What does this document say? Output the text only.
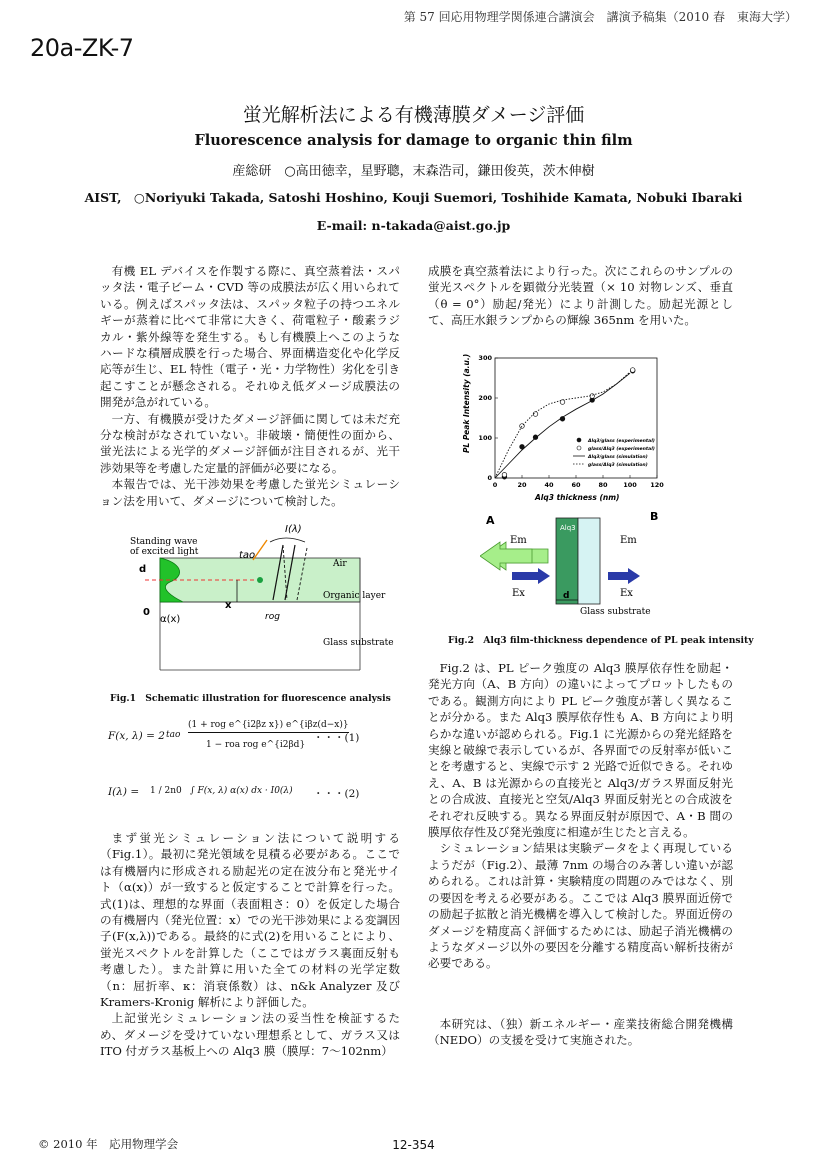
第 57 回応用物理学関係連合講演会　講演予稿集（2010 春　東海大学）
20a-ZK-7
蛍光解析法による有機薄膜ダメージ評価
Fluorescence analysis for damage to organic thin film
産総研　○高田徳幸，星野聰，末森浩司，鎌田俊英，茨木伸樹
AIST,　○Noriyuki Takada, Satoshi Hoshino, Kouji Suemori, Toshihide Kamata, Nobuki Ibaraki
E-mail: n-takada@aist.go.jp

有機 EL デバイスを作製する際に、真空蒸着法・スパッタ法・電子ビーム・CVD 等の成膜法が広く用いられている。例えばスパッタ法は、スパッタ粒子の持つエネルギーが蒸着に比べて非常に大きく、荷電粒子・酸素ラジカル・紫外線等を発生する。もし有機膜上へこのようなハードな積層成膜を行った場合、界面構造変化や化学反応等が生じ、EL 特性（電子・光・力学物性）劣化を引き起こすことが懸念される。それゆえ低ダメージ成膜法の開発が急がれている。

一方、有機膜が受けたダメージ評価に関しては未だ充分な検討がなされていない。非破壊・簡便性の面から、蛍光法による光学的ダメージ評価が注目されるが、光干渉効果等を考慮した定量的評価が必要になる。

本報告では、光干渉効果を考慮した蛍光シミュレーション法を用いて、ダメージについて検討した。

Standing wave
of excited light
Air
Organic layer
Glass substrate
d
0
x
α(x)
I(λ)
tao
rog
Fig.1　Schematic illustration for fluorescence analysis
F(x, λ) = 2 tao
(1 + rog e^{i2βz x}) e^{iβz(d−x)}
1 − roa rog e^{i2βd}
・・・(1)
I(λ) = 1 / 2n0 ∫ F(x, λ) α(x) dx · I0(λ) ・・・(2)

まず蛍光シミュレーション法について説明する（Fig.1）。最初に発光領域を見積る必要がある。ここでは有機層内に形成される励起光の定在波分布と発光サイト（α(x)）が一致すると仮定することで計算を行った。式(1)は、理想的な界面（表面粗さ：0）を仮定した場合の有機層内（発光位置：x）での光干渉効果による変調因子(F(x,λ))である。最終的に式(2)を用いることにより、蛍光スペクトルを計算した（ここではガラス裏面反射も考慮した）。また計算に用いた全ての材料の光学定数（n：屈折率、κ：消衰係数）は、n&k Analyzer 及び Kramers-Kronig 解析により評価した。

上記蛍光シミュレーション法の妥当性を検証するため、ダメージを受けていない理想系として、ガラス又は ITO 付ガラス基板上への Alq3 膜（膜厚：7〜102nm）

成膜を真空蒸着法により行った。次にこれらのサンプルの蛍光スペクトルを顕微分光装置（× 10 対物レンズ、垂直（θ = 0°）励起/発光）により計測した。励起光源として、高圧水銀ランプからの輝線 365nm を用いた。

0	20	40	60	80 100 120
0
100
200
300
Alq3/glass (experimental)
glass/Alq3 (experimental)
Alq3/glass (simulation)
glass/Alq3 (simulation)
PL Peak Intensity (a.u.)
Alq3 thickness (nm)
A	B
Alq3
Em	Em
Ex	Ex
d
Glass substrate
Fig.2　Alq3 film-thickness dependence of PL peak intensity

Fig.2 は、PL ピーク強度の Alq3 膜厚依存性を励起・発光方向（A、B 方向）の違いによってプロットしたものである。観測方向により PL ピーク強度が著しく異なることが分かる。また Alq3 膜厚依存性も A、B 方向により明らかな違いが認められる。Fig.1 に光源からの発光経路を実線と破線で表示しているが、各界面での反射率が低いことを考慮すると、実線で示す 2 光路で近似できる。それゆえ、A、B は光源からの直接光と Alq3/ガラス界面反射光との合成波、直接光と空気/Alq3 界面反射光との合成波をそれぞれ反映する。異なる界面反射が原因で、A・B 間の膜厚依存性及び発光強度に相違が生じたと言える。

シミュレーション結果は実験データをよく再現しているようだが（Fig.2）、最薄 7nm の場合のみ著しい違いが認められる。これは計算・実験精度の問題のみではなく、別の要因を考える必要がある。ここでは Alq3 膜界面近傍での励起子拡散と消光機構を導入して検討した。界面近傍のダメージを精度高く評価するためには、励起子消光機構のようなダメージ以外の要因を分離する精度高い解析技術が必要である。

本研究は、（独）新エネルギー・産業技術総合開発機構（NEDO）の支援を受けて実施された。

© 2010 年　応用物理学会	12-354
